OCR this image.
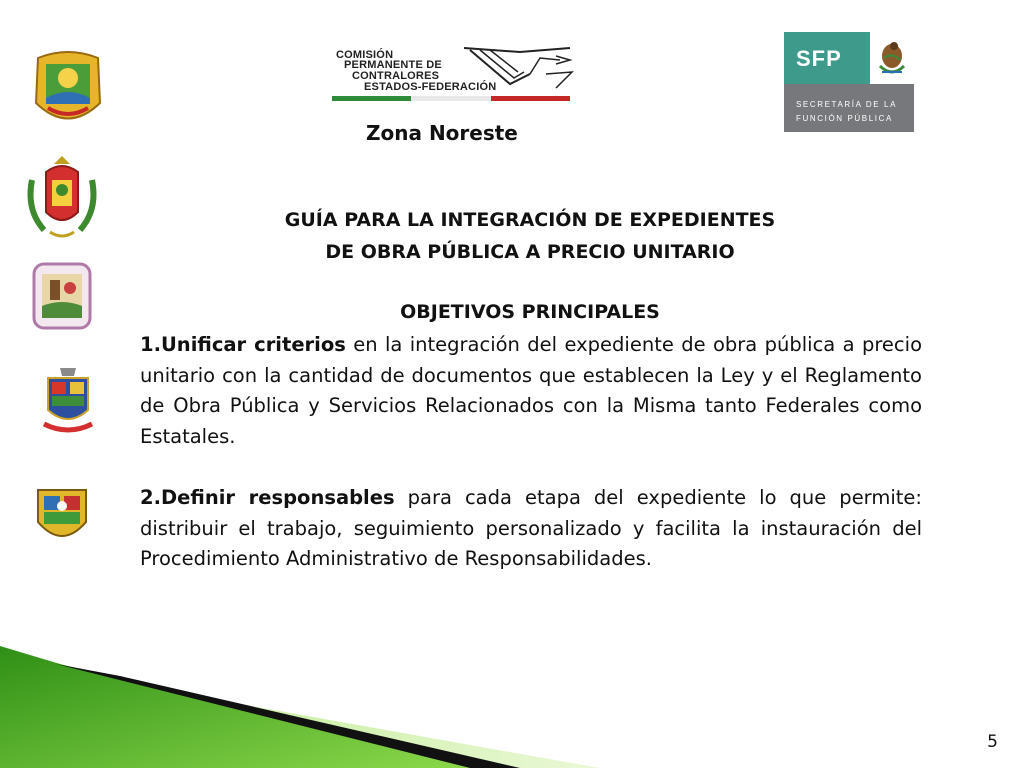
COMISIÓN
PERMANENTE DE
CONTRALORES
ESTADOS-FEDERACIÓN
SFP
SECRETARÍA DE LA
FUNCIÓN PÚBLICA
Zona Noreste
GUÍA PARA LA INTEGRACIÓN DE EXPEDIENTES
DE OBRA PÚBLICA A PRECIO UNITARIO
OBJETIVOS PRINCIPALES
1.Unificar criterios en la integración del expediente de obra pública a precio unitario con la cantidad de documentos que establecen la Ley y el Reglamento de Obra Pública y Servicios Relacionados con la Misma tanto Federales como Estatales.
2.Definir responsables para cada etapa del expediente lo que permite: distribuir el trabajo, seguimiento personalizado y facilita la instauración del Procedimiento Administrativo de Responsabilidades.
5
